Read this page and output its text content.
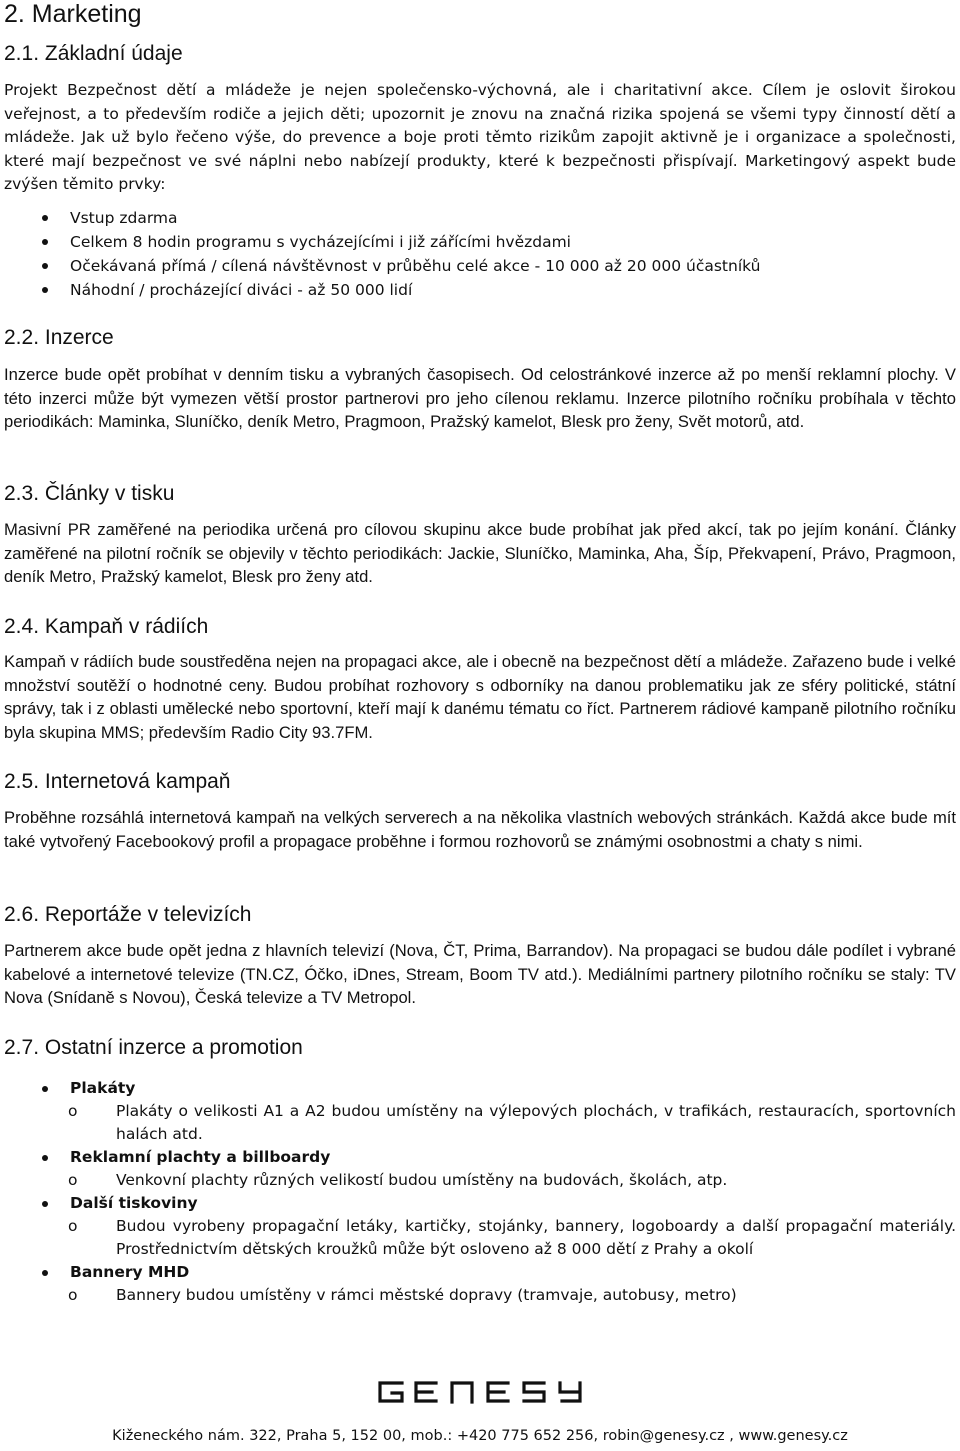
2. Marketing
2.1. Základní údaje

Projekt Bezpečnost dětí a mládeže je nejen společensko-výchovná, ale i charitativní akce. Cílem je oslovit širokou veřejnost, a to především rodiče a jejich děti; upozornit je znovu na značná rizika spojená se všemi typy činností dětí a mládeže. Jak už bylo řečeno výše, do prevence a boje proti těmto rizikům zapojit aktivně je i organizace a společnosti, které mají bezpečnost ve své náplni nebo nabízejí produkty, které k bezpečnosti přispívají. Marketingový aspekt bude zvýšen těmito prvky:

Vstup zdarma
Celkem 8 hodin programu s vycházejícími i již zářícími hvězdami
Očekávaná přímá / cílená návštěvnost v průběhu celé akce - 10 000 až 20 000 účastníků
Náhodní / procházející diváci - až 50 000 lidí
2.2. Inzerce

Inzerce bude opět probíhat v denním tisku a vybraných časopisech. Od celostránkové inzerce až po menší reklamní plochy. V této inzerci může být vymezen větší prostor partnerovi pro jeho cílenou reklamu. Inzerce pilotního ročníku probíhala v těchto periodikách: Maminka, Sluníčko, deník Metro, Pragmoon, Pražský kamelot, Blesk pro ženy, Svět motorů, atd.

2.3. Články v tisku

Masivní PR zaměřené na periodika určená pro cílovou skupinu akce bude probíhat jak před akcí, tak po jejím konání. Články zaměřené na pilotní ročník se objevily v těchto periodikách: Jackie, Sluníčko, Maminka, Aha, Šíp, Překvapení, Právo, Pragmoon, deník Metro, Pražský kamelot, Blesk pro ženy atd.

2.4. Kampaň v rádiích

Kampaň v rádiích bude soustředěna nejen na propagaci akce, ale i obecně na bezpečnost dětí a mládeže. Zařazeno bude i velké množství soutěží o hodnotné ceny. Budou probíhat rozhovory s odborníky na danou problematiku jak ze sféry politické, státní správy, tak i z oblasti umělecké nebo sportovní, kteří mají k danému tématu co říct. Partnerem rádiové kampaně pilotního ročníku byla skupina MMS; především Radio City 93.7FM.

2.5. Internetová kampaň

Proběhne rozsáhlá internetová kampaň na velkých serverech a na několika vlastních webových stránkách. Každá akce bude mít také vytvořený Facebookový profil a propagace proběhne i formou rozhovorů se známými osobnostmi a chaty s nimi.

2.6. Reportáže v televizích

Partnerem akce bude opět jedna z hlavních televizí (Nova, ČT, Prima, Barrandov). Na propagaci se budou dále podílet i vybrané kabelové a internetové televize (TN.CZ, Óčko, iDnes, Stream, Boom TV atd.). Mediálními partnery pilotního ročníku se staly: TV Nova (Snídaně s Novou), Česká televize a TV Metropol.

2.7. Ostatní inzerce a promotion
Plakáty
o Plakáty o velikosti A1 a A2 budou umístěny na výlepových plochách, v trafikách, restauracích, sportovních halách atd.
Reklamní plachty a billboardy
o Venkovní plachty různých velikostí budou umístěny na budovách, školách, atp.
Další tiskoviny
o Budou vyrobeny propagační letáky, kartičky, stojánky, bannery, logoboardy a další propagační materiály. Prostřednictvím dětských kroužků může být osloveno až 8 000 dětí z Prahy a okolí
Bannery MHD
o Bannery budou umístěny v rámci městské dopravy (tramvaje, autobusy, metro)
Kiženeckého nám. 322, Praha 5, 152 00, mob.: +420 775 652 256, robin@genesy.cz , www.genesy.cz
